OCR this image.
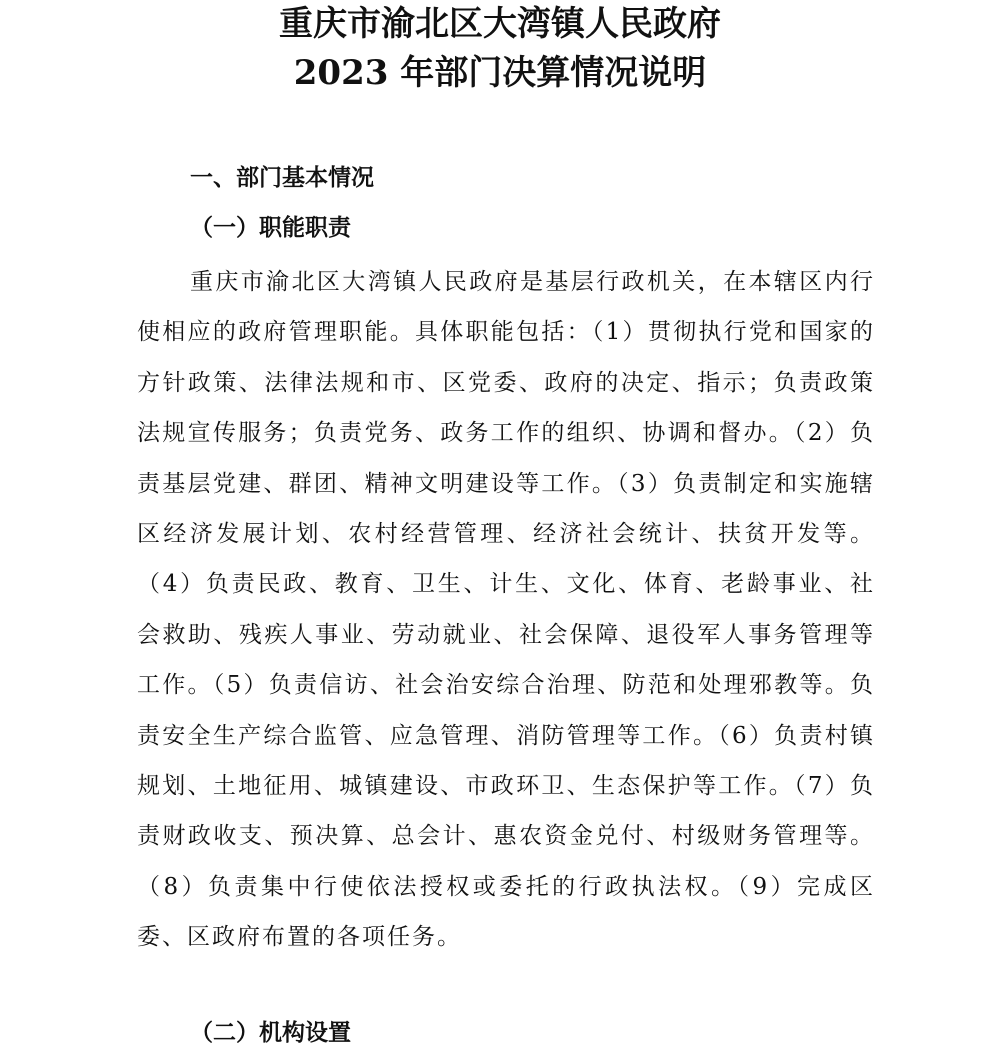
重庆市渝北区大湾镇人民政府
2023 年部门决算情况说明
一、部门基本情况
（一）职能职责

重庆市渝北区大湾镇人民政府是基层行政机关，在本辖区内行使相应的政府管理职能。具体职能包括：（1）贯彻执行党和国家的方针政策、法律法规和市、区党委、政府的决定、指示；负责政策法规宣传服务；负责党务、政务工作的组织、协调和督办。（2）负责基层党建、群团、精神文明建设等工作。（3）负责制定和实施辖区经济发展计划、农村经营管理、经济社会统计、扶贫开发等。（4）负责民政、教育、卫生、计生、文化、体育、老龄事业、社会救助、残疾人事业、劳动就业、社会保障、退役军人事务管理等工作。（5）负责信访、社会治安综合治理、防范和处理邪教等。负责安全生产综合监管、应急管理、消防管理等工作。（6）负责村镇规划、土地征用、城镇建设、市政环卫、生态保护等工作。（7）负责财政收支、预决算、总会计、惠农资金兑付、村级财务管理等。（8）负责集中行使依法授权或委托的行政执法权。（9）完成区委、区政府布置的各项任务。

（二）机构设置
